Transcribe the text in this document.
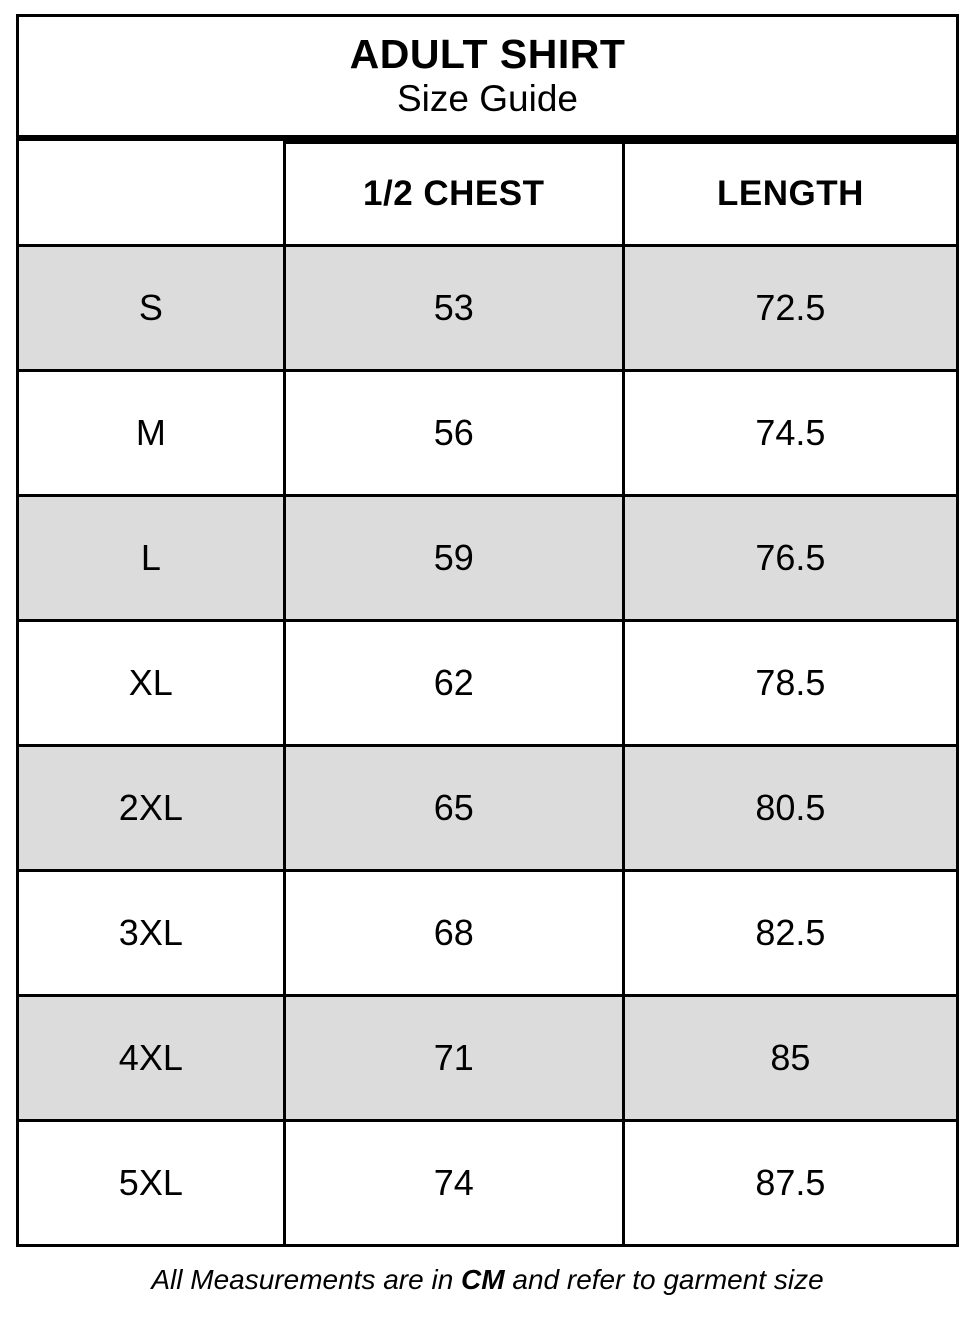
ADULT SHIRT
Size Guide
	1/2 CHEST	LENGTH
S	53	72.5
M	56	74.5
L	59	76.5
XL	62	78.5
2XL	65	80.5
3XL	68	82.5
4XL	71	85
5XL	74	87.5
All Measurements are in CM and refer to garment size
